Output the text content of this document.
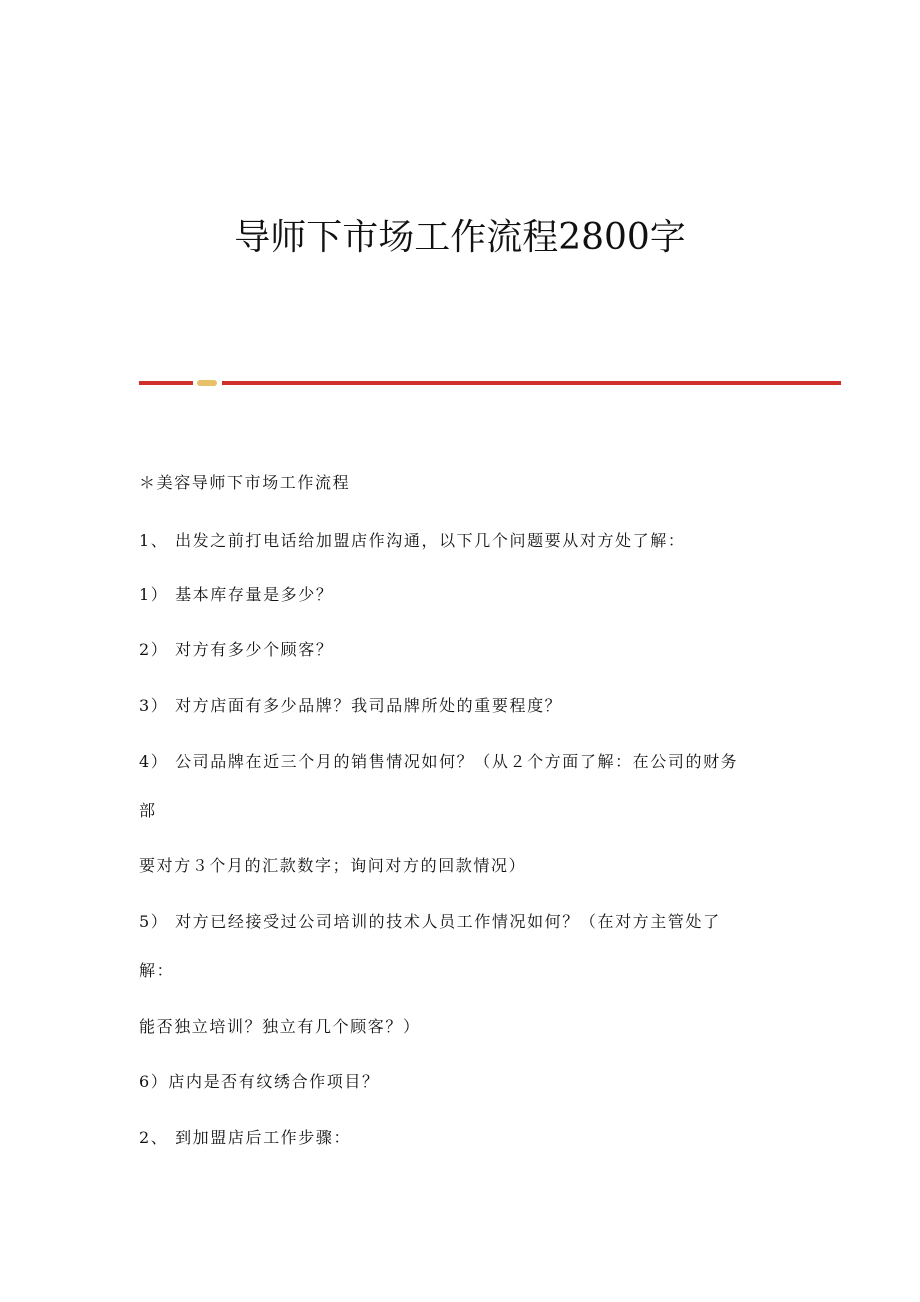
导师下市场工作流程2800字

＊美容导师下市场工作流程

1、 出发之前打电话给加盟店作沟通，以下几个问题要从对方处了解：

1） 基本库存量是多少？

2） 对方有多少个顾客？

3） 对方店面有多少品牌？我司品牌所处的重要程度？

4） 公司品牌在近三个月的销售情况如何？（从２个方面了解：在公司的财务

部

要对方３个月的汇款数字；询问对方的回款情况）

5） 对方已经接受过公司培训的技术人员工作情况如何？（在对方主管处了

解：

能否独立培训？独立有几个顾客？）

6）店内是否有纹绣合作项目？

2、 到加盟店后工作步骤：
